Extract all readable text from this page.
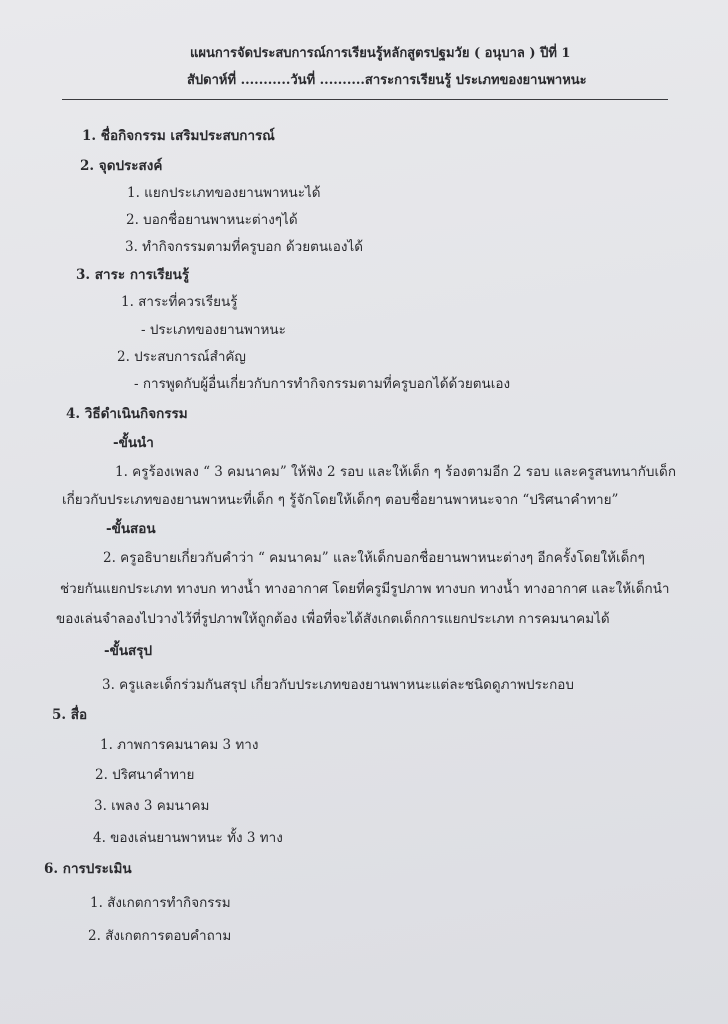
แผนการจัดประสบการณ์การเรียนรู้หลักสูตรปฐมวัย ( อนุบาล ) ปีที่ 1
สัปดาห์ที่ ...........วันที่ ..........สาระการเรียนรู้ ประเภทของยานพาหนะ
1. ชื่อกิจกรรม เสริมประสบการณ์
2. จุดประสงค์
1. แยกประเภทของยานพาหนะได้
2. บอกชื่อยานพาหนะต่างๆได้
3. ทำกิจกรรมตามที่ครูบอก ด้วยตนเองได้
3. สาระ การเรียนรู้
1. สาระที่ควรเรียนรู้
- ประเภทของยานพาหนะ
2. ประสบการณ์สำคัญ
- การพูดกับผู้อื่นเกี่ยวกับการทำกิจกรรมตามที่ครูบอกได้ด้วยตนเอง
4. วิธีดำเนินกิจกรรม
-ขั้นนำ
1. ครูร้องเพลง “ 3 คมนาคม” ให้ฟัง 2 รอบ และให้เด็ก ๆ ร้องตามอีก 2 รอบ และครูสนทนากับเด็ก
เกี่ยวกับประเภทของยานพาหนะที่เด็ก ๆ รู้จักโดยให้เด็กๆ ตอบชื่อยานพาหนะจาก “ปริศนาคำทาย”
-ขั้นสอน
2. ครูอธิบายเกี่ยวกับคำว่า “ คมนาคม” และให้เด็กบอกชื่อยานพาหนะต่างๆ อีกครั้งโดยให้เด็กๆ
ช่วยกันแยกประเภท ทางบก ทางน้ำ ทางอากาศ โดยที่ครูมีรูปภาพ ทางบก ทางน้ำ ทางอากาศ และให้เด็กนำ
ของเล่นจำลองไปวางไว้ที่รูปภาพให้ถูกต้อง เพื่อที่จะได้สังเกตเด็กการแยกประเภท การคมนาคมได้
-ขั้นสรุป
3. ครูและเด็กร่วมกันสรุป เกี่ยวกับประเภทของยานพาหนะแต่ละชนิดดูภาพประกอบ
5. สื่อ
1. ภาพการคมนาคม 3 ทาง
2. ปริศนาคำทาย
3. เพลง 3 คมนาคม
4. ของเล่นยานพาหนะ ทั้ง 3 ทาง
6. การประเมิน
1. สังเกตการทำกิจกรรม
2. สังเกตการตอบคำถาม
